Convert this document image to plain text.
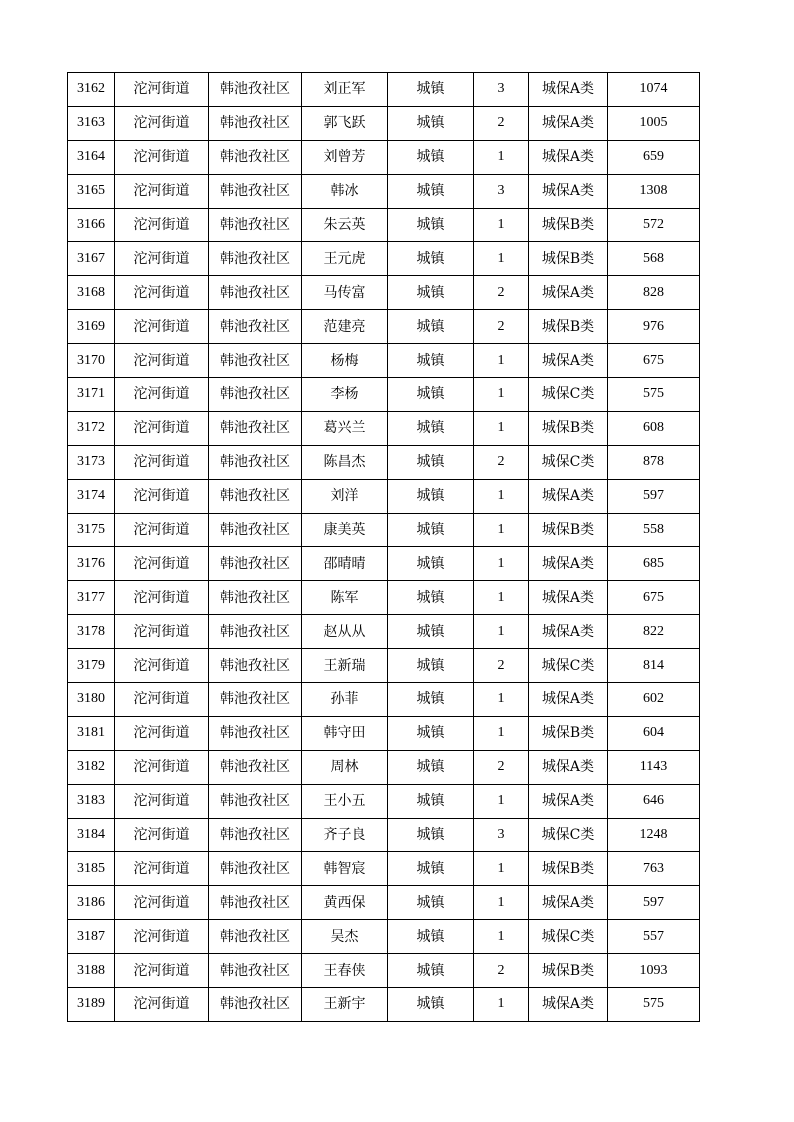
3162	沱河街道	韩池孜社区	刘正军	城镇	3	城保A类	1074
3163	沱河街道	韩池孜社区	郭飞跃	城镇	2	城保A类	1005
3164	沱河街道	韩池孜社区	刘曾芳	城镇	1	城保A类	659
3165	沱河街道	韩池孜社区	韩冰	城镇	3	城保A类	1308
3166	沱河街道	韩池孜社区	朱云英	城镇	1	城保B类	572
3167	沱河街道	韩池孜社区	王元虎	城镇	1	城保B类	568
3168	沱河街道	韩池孜社区	马传富	城镇	2	城保A类	828
3169	沱河街道	韩池孜社区	范建亮	城镇	2	城保B类	976
3170	沱河街道	韩池孜社区	杨梅	城镇	1	城保A类	675
3171	沱河街道	韩池孜社区	李杨	城镇	1	城保C类	575
3172	沱河街道	韩池孜社区	葛兴兰	城镇	1	城保B类	608
3173	沱河街道	韩池孜社区	陈昌杰	城镇	2	城保C类	878
3174	沱河街道	韩池孜社区	刘洋	城镇	1	城保A类	597
3175	沱河街道	韩池孜社区	康美英	城镇	1	城保B类	558
3176	沱河街道	韩池孜社区	邵晴晴	城镇	1	城保A类	685
3177	沱河街道	韩池孜社区	陈军	城镇	1	城保A类	675
3178	沱河街道	韩池孜社区	赵从从	城镇	1	城保A类	822
3179	沱河街道	韩池孜社区	王新瑞	城镇	2	城保C类	814
3180	沱河街道	韩池孜社区	孙菲	城镇	1	城保A类	602
3181	沱河街道	韩池孜社区	韩守田	城镇	1	城保B类	604
3182	沱河街道	韩池孜社区	周林	城镇	2	城保A类	1143
3183	沱河街道	韩池孜社区	王小五	城镇	1	城保A类	646
3184	沱河街道	韩池孜社区	齐子良	城镇	3	城保C类	1248
3185	沱河街道	韩池孜社区	韩智宸	城镇	1	城保B类	763
3186	沱河街道	韩池孜社区	黄西保	城镇	1	城保A类	597
3187	沱河街道	韩池孜社区	吴杰	城镇	1	城保C类	557
3188	沱河街道	韩池孜社区	王春侠	城镇	2	城保B类	1093
3189	沱河街道	韩池孜社区	王新宇	城镇	1	城保A类	575
